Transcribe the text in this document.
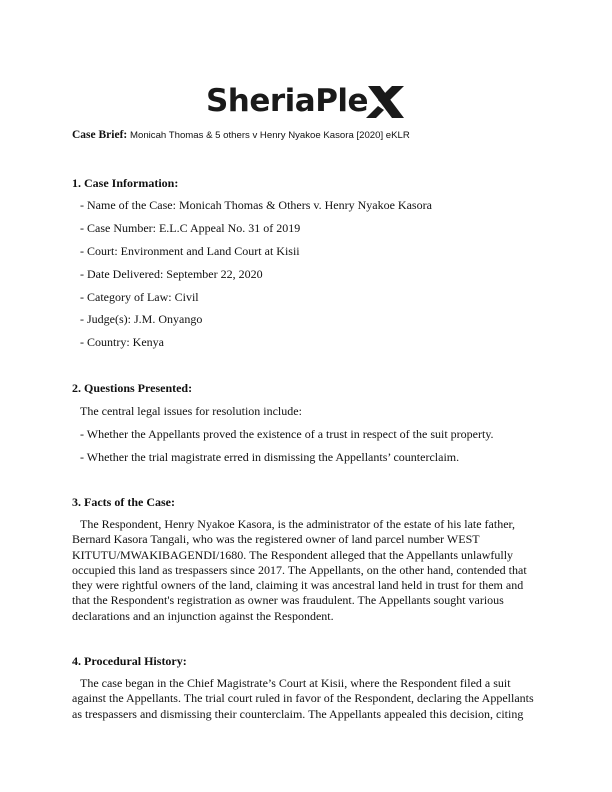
SheriaPle
Case Brief: Monicah Thomas & 5 others v Henry Nyakoe Kasora [2020] eKLR
1. Case Information:
- Name of the Case: Monicah Thomas & Others v. Henry Nyakoe Kasora
- Case Number: E.L.C Appeal No. 31 of 2019
- Court: Environment and Land Court at Kisii
- Date Delivered: September 22, 2020
- Category of Law: Civil
- Judge(s): J.M. Onyango
- Country: Kenya
2. Questions Presented:
The central legal issues for resolution include:
- Whether the Appellants proved the existence of a trust in respect of the suit property.
- Whether the trial magistrate erred in dismissing the Appellants’ counterclaim.
3. Facts of the Case:
The Respondent, Henry Nyakoe Kasora, is the administrator of the estate of his late father, Bernard Kasora Tangali, who was the registered owner of land parcel number WEST KITUTU/MWAKIBAGENDI/1680. The Respondent alleged that the Appellants unlawfully occupied this land as trespassers since 2017. The Appellants, on the other hand, contended that they were rightful owners of the land, claiming it was ancestral land held in trust for them and that the Respondent's registration as owner was fraudulent. The Appellants sought various declarations and an injunction against the Respondent.
4. Procedural History:
The case began in the Chief Magistrate’s Court at Kisii, where the Respondent filed a suit against the Appellants. The trial court ruled in favor of the Respondent, declaring the Appellants as trespassers and dismissing their counterclaim. The Appellants appealed this decision, citing
